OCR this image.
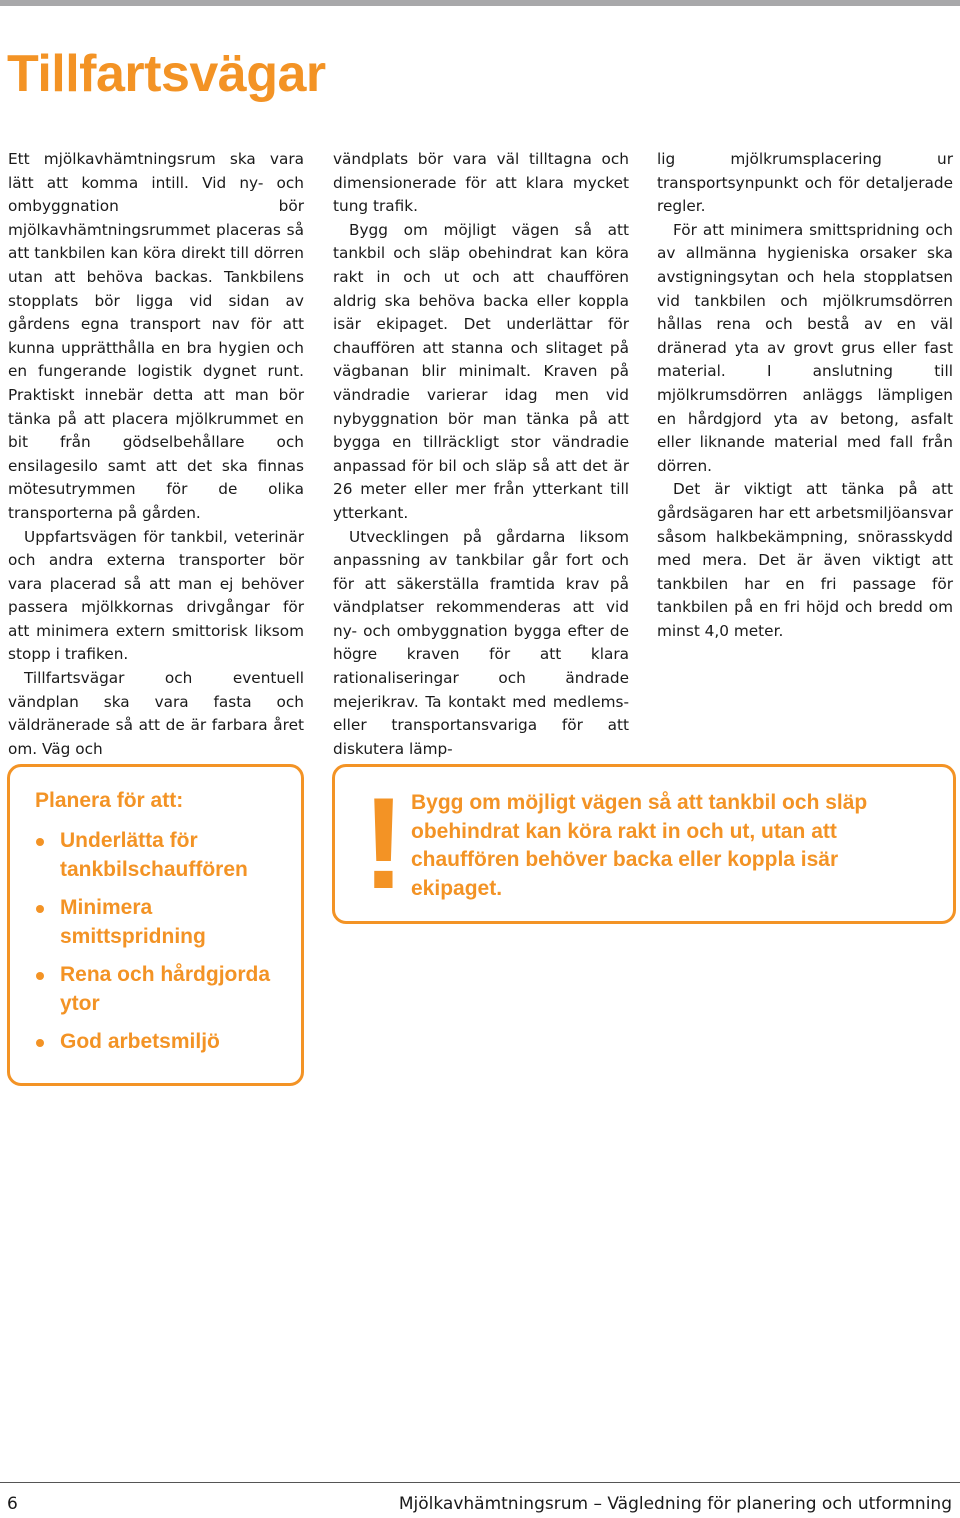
Tillfartsvägar

Ett mjölkavhämtningsrum ska vara lätt att komma intill. Vid ny- och ombyggnation bör mjölkavhämtningsrummet placeras så att tankbilen kan köra direkt till dörren utan att behöva backas. Tankbilens stopplats bör ligga vid sidan av gårdens egna transport nav för att kunna upprätthålla en bra hygien och en fungerande logistik dygnet runt. Praktiskt innebär detta att man bör tänka på att placera mjölkrummet en bit från gödselbehållare och ensilagesilo samt att det ska finnas mötesutrymmen för de olika transporterna på gården.

Uppfartsvägen för tankbil, veterinär och andra externa transporter bör vara placerad så att man ej behöver passera mjölkkornas drivgångar för att minimera extern smittorisk liksom stopp i trafiken.

Tillfartsvägar och eventuell vändplan ska vara fasta och väldränerade så att de är farbara året om. Väg och

vändplats bör vara väl tilltagna och dimensionerade för att klara mycket tung trafik.

Bygg om möjligt vägen så att tankbil och släp obehindrat kan köra rakt in och ut och att chauffören aldrig ska behöva backa eller koppla isär ekipaget. Det underlättar för chauffören att stanna och slitaget på vägbanan blir minimalt. Kraven på vändradie varierar idag men vid nybyggnation bör man tänka på att bygga en tillräckligt stor vändradie anpassad för bil och släp så att det är 26 meter eller mer från ytterkant till ytterkant.

Utvecklingen på gårdarna liksom anpassning av tankbilar går fort och för att säkerställa framtida krav på vändplatser rekommenderas att vid ny- och ombyggnation bygga efter de högre kraven för att klara rationaliseringar och ändrade mejerikrav. Ta kontakt med medlems- eller transportansvariga för att diskutera lämp-

lig mjölkrumsplacering ur transportsynpunkt och för detaljerade regler.

För att minimera smittspridning och av allmänna hygieniska orsaker ska avstigningsytan och hela stopplatsen vid tankbilen och mjölkrumsdörren hållas rena och bestå av en väl dränerad yta av grovt grus eller fast material. I anslutning till mjölkrumsdörren anläggs lämpligen en hårdgjord yta av betong, asfalt eller liknande material med fall från dörren.

Det är viktigt att tänka på att gårdsägaren har ett arbetsmiljöansvar såsom halkbekämpning, snörasskydd med mera. Det är även viktigt att tankbilen har en fri passage för tankbilen på en fri höjd och bredd om minst 4,0 meter.

Planera för att:
Underlätta för tankbilschauffören
Minimera smittspridning
Rena och hårdgjorda ytor
God arbetsmiljö
! Bygg om möjligt vägen så att tankbil och släp obehindrat kan köra rakt in och ut, utan att chauffören behöver backa eller koppla isär ekipaget.

6	Mjölkavhämtningsrum – Vägledning för planering och utformning
